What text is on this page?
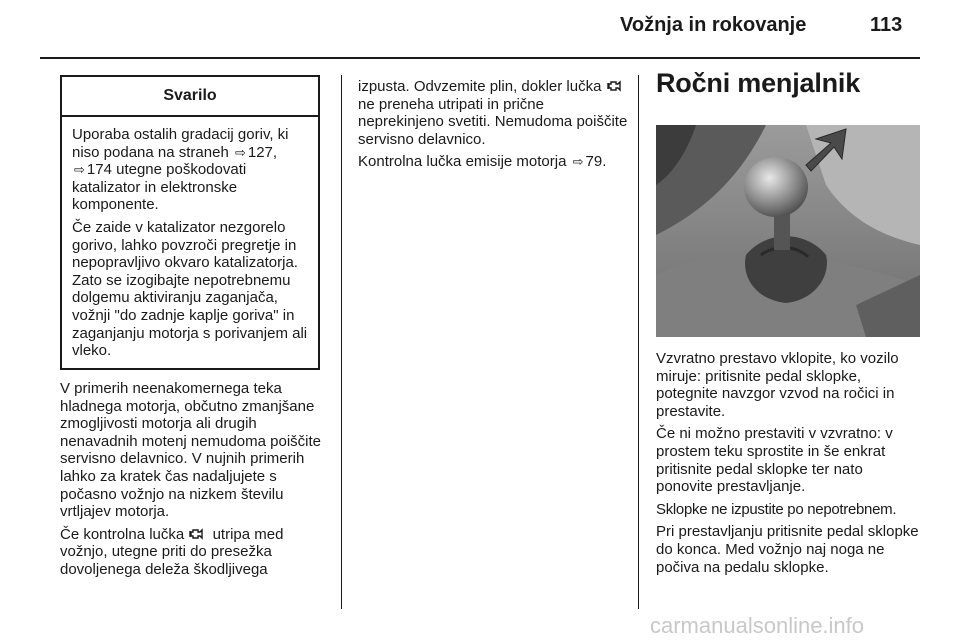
Vožnja in rokovanje	113
Svarilo

Uporaba ostalih gradacij goriv, ki niso podana na straneh ⇨ 127, ⇨ 174 utegne poškodovati katalizator in elektronske komponente.

Če zaide v katalizator nezgorelo gorivo, lahko povzroči pregretje in nepopravljivo okvaro katalizatorja. Zato se izogibajte nepotrebnemu dolgemu aktiviranju zaganjača, vožnji "do zadnje kaplje goriva" in zaganjanju motorja s porivanjem ali vleko.

V primerih neenakomernega teka hladnega motorja, občutno zmanjšane zmogljivosti motorja ali drugih nenavadnih motenj nemudoma poiščite servisno delavnico. V nujnih primerih lahko za kratek čas nadaljujete s počasno vožnjo na nizkem številu vrtljajev motorja.

Če kontrolna lučka utripa med vožnjo, utegne priti do presežka dovoljenega deleža škodljivega

izpusta. Odvzemite plin, dokler lučka  ne preneha utripati in prične neprekinjeno svetiti. Nemudoma poiščite servisno delavnico.

Kontrolna lučka emisije motorja ⇨ 79.

Ročni menjalnik

Vzvratno prestavo vklopite, ko vozilo miruje: pritisnite pedal sklopke, potegnite navzgor vzvod na ročici in prestavite.

Če ni možno prestaviti v vzvratno: v prostem teku sprostite in še enkrat pritisnite pedal sklopke ter nato ponovite prestavljanje.

Sklopke ne izpustite po nepotrebnem.

Pri prestavljanju pritisnite pedal sklopke do konca. Med vožnjo naj noga ne počiva na pedalu sklopke.

carmanualsonline.info
